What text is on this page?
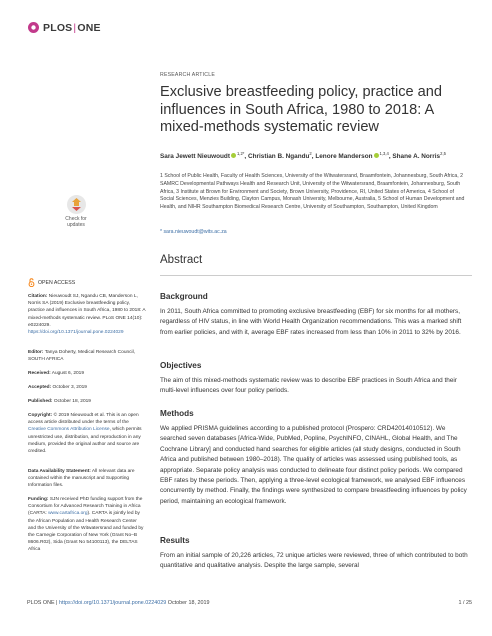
PLOS|ONE
RESEARCH ARTICLE
Exclusive breastfeeding policy, practice and influences in South Africa, 1980 to 2018: A mixed-methods systematic review
Sara Jewett Nieuwoudt $^{1,2*}$, Christian B. Ngandu$^2$, Lenore Manderson $^{1,3,4}$, Shane A. Norris$^{2,5}$
1 School of Public Health, Faculty of Health Sciences, University of the Witwatersrand, Braamfontein, Johannesburg, South Africa, 2 SAMRC Developmental Pathways Health and Research Unit, University of the Witwatersrand, Braamfontein, Johannesburg, South Africa, 3 Institute at Brown for Environment and Society, Brown University, Providence, RI, United States of America, 4 School of Social Sciences, Menzies Building, Clayton Campus, Monash University, Melbourne, Australia, 5 School of Human Development and Health, and NIHR Southampton Biomedical Research Centre, University of Southampton, Southampton, United Kingdom
* sara.nieuwoudt@wits.ac.za
Check for
updates
OPEN ACCESS
Citation: Nieuwoudt SJ, Ngandu CB, Manderson L, Norris SA (2019) Exclusive breastfeeding policy, practice and influences in South Africa, 1980 to 2018: A mixed-methods systematic review. PLoS ONE 14(10): e0224029. https://doi.org/10.1371/journal.pone.0224029
Editor: Tanya Doherty, Medical Research Council, SOUTH AFRICA
Received: August 6, 2019
Accepted: October 3, 2019
Published: October 18, 2019
Copyright: © 2019 Nieuwoudt et al. This is an open access article distributed under the terms of the Creative Commons Attribution License, which permits unrestricted use, distribution, and reproduction in any medium, provided the original author and source are credited.
Data Availability Statement: All relevant data are contained within the manuscript and Supporting Information files.
Funding: SJN received PhD funding support from the Consortium for Advanced Research Training in Africa (CARTA: www.cartafrica.org). CARTA is jointly led by the African Population and Health Research Center and the University of the Witwatersrand and funded by the Carnegie Corporation of New York (Grant No–B 8606.R02), Sida (Grant No 54100113), the DELTAS Africa
Abstract
Background
In 2011, South Africa committed to promoting exclusive breastfeeding (EBF) for six months for all mothers, regardless of HIV status, in line with World Health Organization recommendations. This was a marked shift from earlier policies, and with it, average EBF rates increased from less than 10% in 2011 to 32% by 2016.
Objectives
The aim of this mixed-methods systematic review was to describe EBF practices in South Africa and their multi-level influences over four policy periods.
Methods
We applied PRISMA guidelines according to a published protocol (Prospero: CRD42014010512). We searched seven databases [Africa-Wide, PubMed, Popline, PsychINFO, CINAHL, Global Health, and The Cochrane Library] and conducted hand searches for eligible articles (all study designs, conducted in South Africa and published between 1980–2018). The quality of articles was assessed using published tools, as appropriate. Separate policy analysis was conducted to delineate four distinct policy periods. We compared EBF rates by these periods. Then, applying a three-level ecological framework, we analysed EBF influences concurrently by method. Finally, the findings were synthesized to compare breastfeeding influences by policy period, maintaining an ecological framework.
Results
From an initial sample of 20,226 articles, 72 unique articles were reviewed, three of which contributed to both quantitative and qualitative analysis. Despite the large sample, several
PLOS ONE | https://doi.org/10.1371/journal.pone.0224029 October 18, 2019	1 / 25
